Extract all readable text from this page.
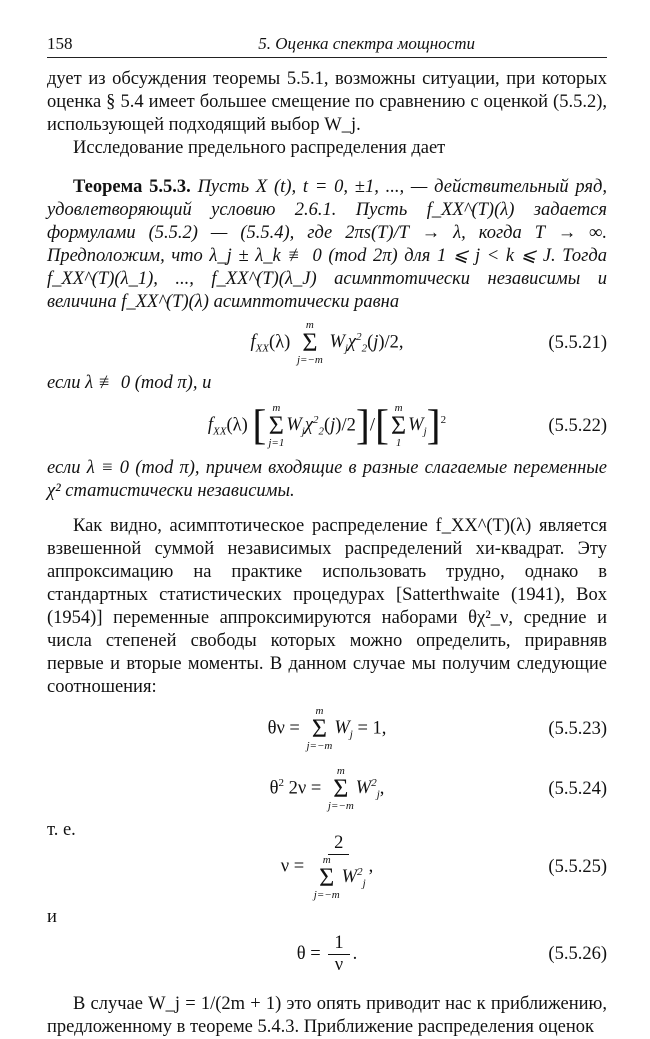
158	5. Оценка спектра мощности

дует из обсуждения теоремы 5.5.1, возможны ситуации, при которых оценка § 5.4 имеет большее смещение по сравнению с оценкой (5.5.2), использующей подходящий выбор W_j.

Исследование предельного распределения дает

Теорема 5.5.3. Пусть X (t), t = 0, ±1, ..., — действительный ряд, удовлетворяющий условию 2.6.1. Пусть f_XX^(T)(λ) задается формулами (5.5.2) — (5.5.4), где 2πs(T)/T → λ, когда T → ∞. Предположим, что λ_j ± λ_k ≢ 0 (mod 2π) для 1 ⩽ j < k ⩽ J. Тогда f_XX^(T)(λ_1), ..., f_XX^(T)(λ_J) асимптотически независимы и величина f_XX^(T)(λ) асимптотически равна

$f_{XX}(\lambda)$
m
Σ
j=−m
$W_j\chi^2_2(j)/2$,	(5.5.21)

если λ ≢ 0 (mod π), и

$f_{XX}(\lambda)$ [ m
Σ
j=1
$W_j\chi^2_2(j)/2]/$[ m
Σ
1
$W_j]^2$	(5.5.22)

если λ ≡ 0 (mod π), причем входящие в разные слагаемые переменные χ² статистически независимы.

Как видно, асимптотическое распределение f_XX^(T)(λ) является взвешенной суммой независимых распределений хи-квадрат. Эту аппроксимацию на практике использовать трудно, однако в стандартных статистических процедурах [Satterthwaite (1941), Box (1954)] переменные аппроксимируются наборами θχ²_ν, средние и числа степеней свободы которых можно определить, приравняв первые и вторые моменты. В данном случае мы получим следующие соотношения:

θν =
m
Σ
j=−m
$W_j = 1$,	(5.5.23)
$\theta^2$ 2ν =
m
Σ
j=−m
$W^2_j$,	(5.5.24)

т. е.

ν = 2
m
Σ
j=−m
$W^2_j$ ,	(5.5.25)

и

$\theta = \frac{1}{\nu}$ .	(5.5.26)

В случае W_j = 1/(2m + 1) это опять приводит нас к приближению, предложенному в теореме 5.4.3. Приближение распределения оценок
